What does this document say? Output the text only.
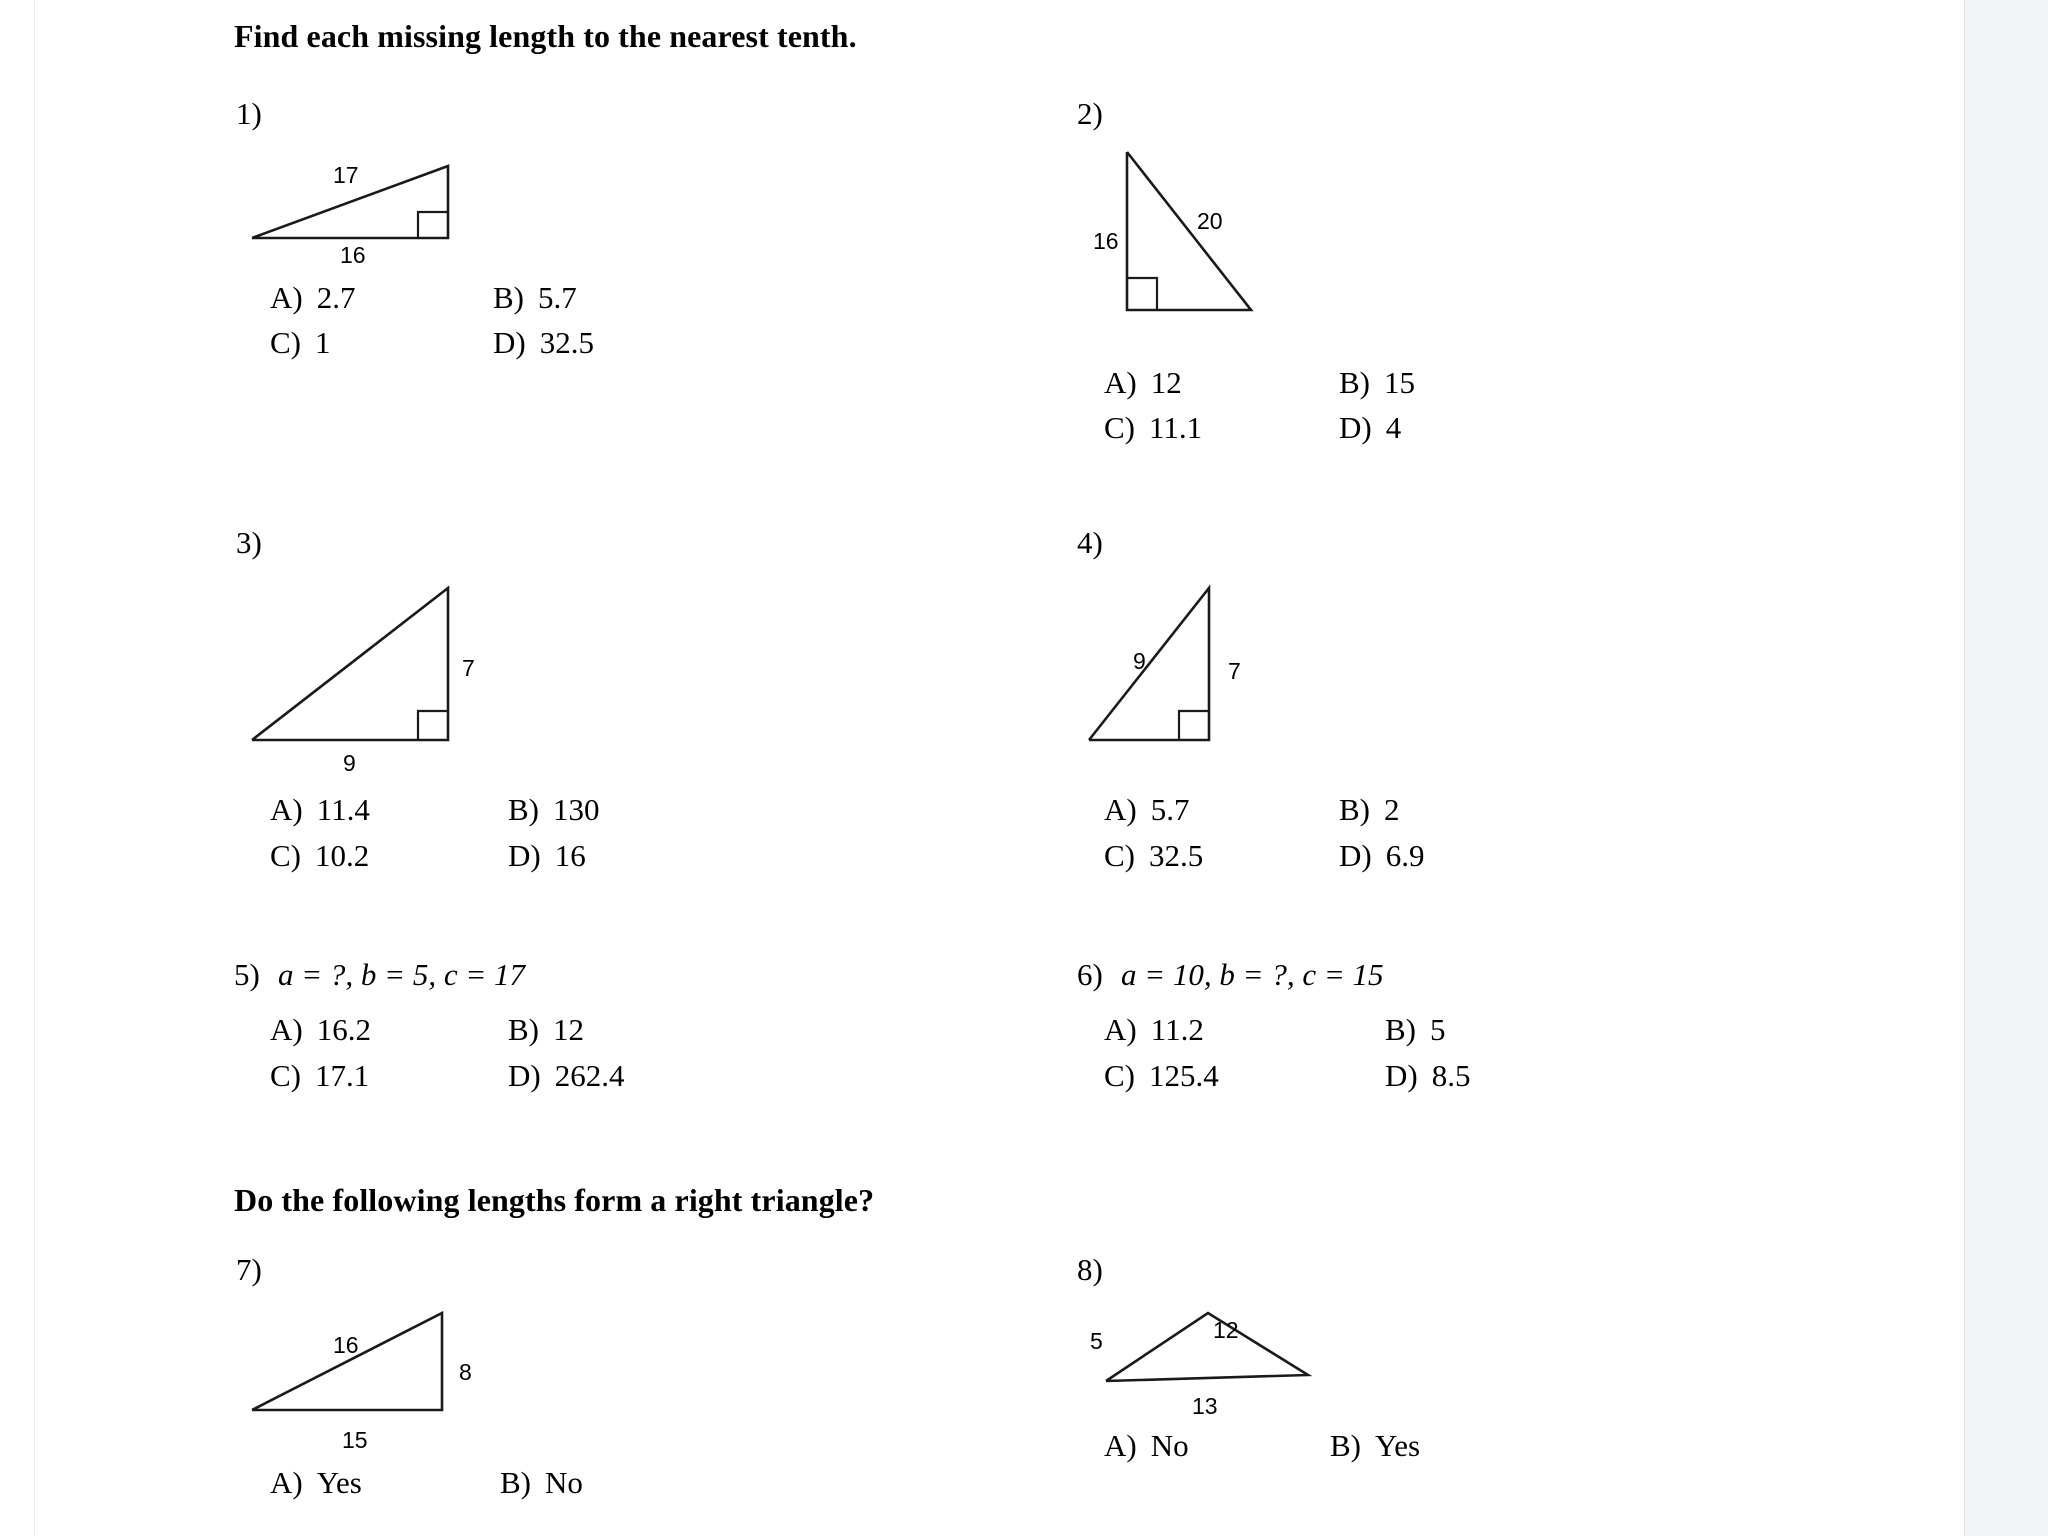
Find each missing length to the nearest tenth.
1)
17
16
A) 2.7	B) 5.7
C) 1	D) 32.5
2)
16
20
A) 12	B) 15
C) 11.1	D) 4
3)
7
9
A) 11.4	B) 130
C) 10.2	D) 16
4)
9	7
A) 5.7	B) 2
C) 32.5	D) 6.9
5) a = ?, b = 5, c = 17
A) 16.2	B) 12
C) 17.1	D) 262.4
6) a = 10, b = ?, c = 15
A) 11.2	B) 5
C) 125.4	D) 8.5
Do the following lengths form a right triangle?
7)
16
8
15
A) Yes	B) No
8)
5	12
13
A) No	B) Yes
